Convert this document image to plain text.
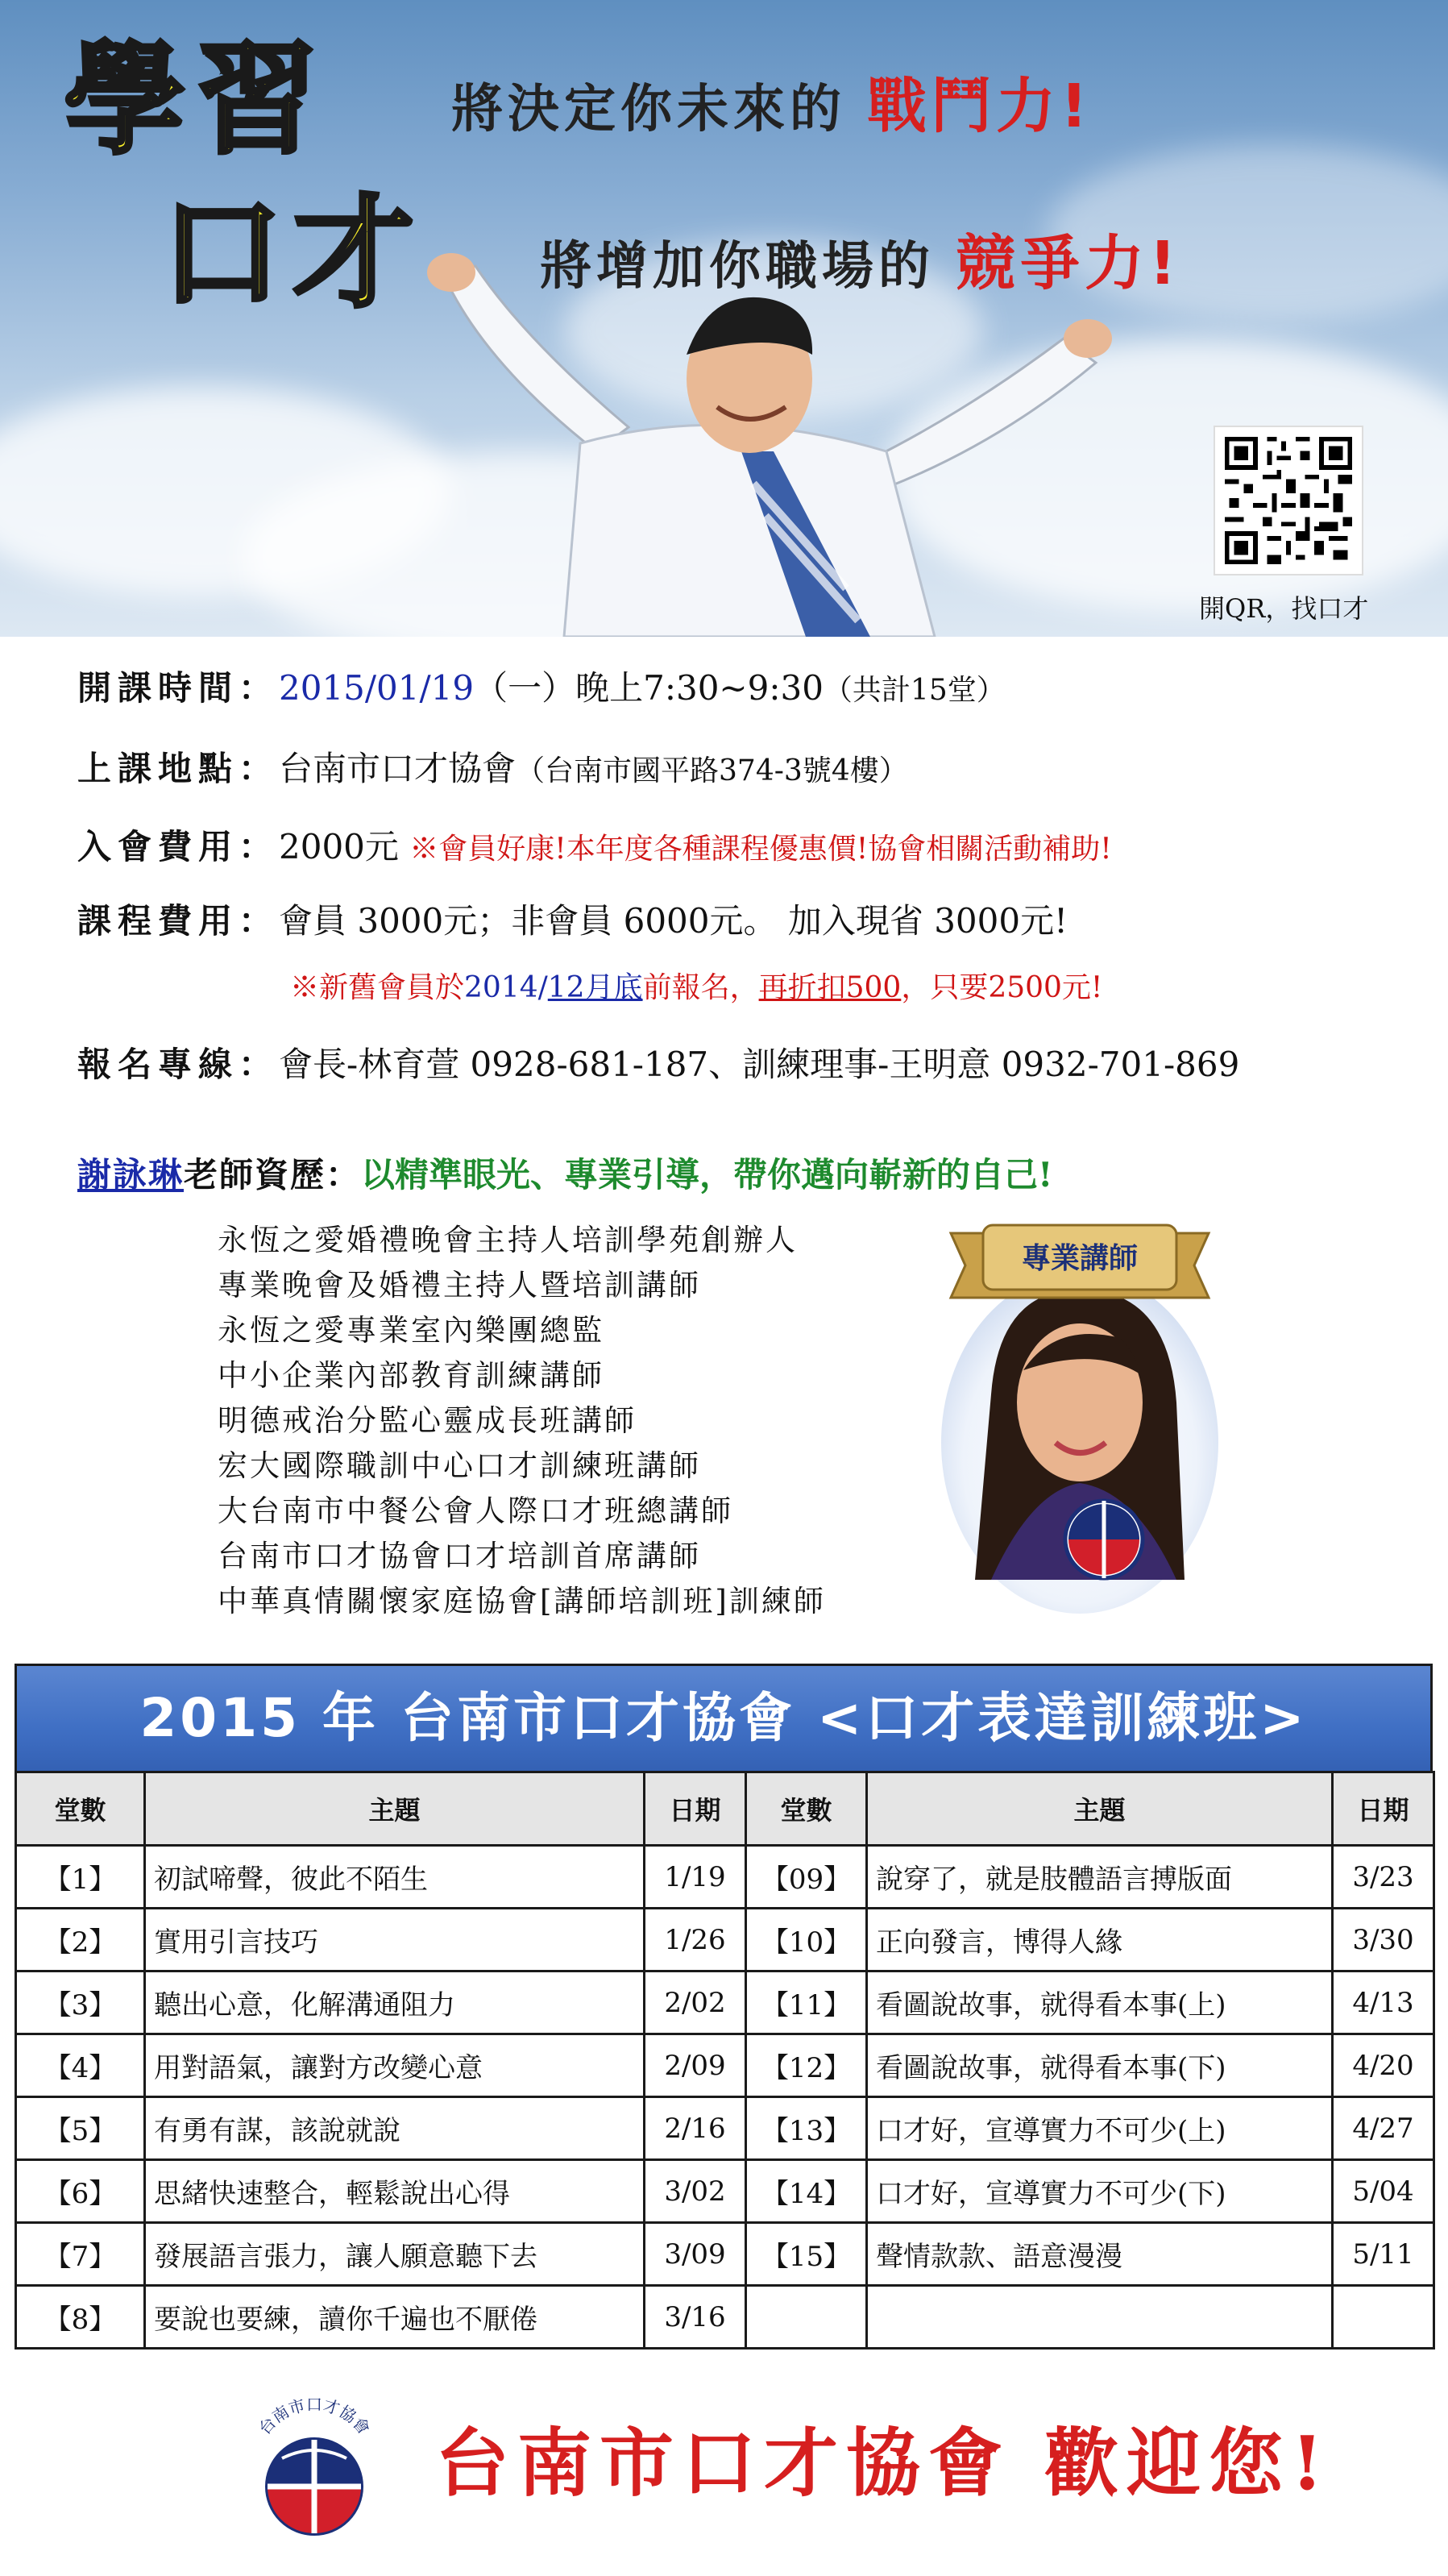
學習
口才
將決定你未來的 戰鬥力!
將增加你職場的 競爭力!
開QR，找口才
開課時間：2015/01/19（一）晚上7:30~9:30（共計15堂）
上課地點：台南市口才協會（台南市國平路374-3號4樓）
入會費用：2000元 ※會員好康!本年度各種課程優惠價!協會相關活動補助!
課程費用：會員 3000元；非會員 6000元。 加入現省 3000元!
※新舊會員於2014/12月底前報名，再折扣500，只要2500元!
報名專線：會長-林育萱 0928-681-187、訓練理事-王明意 0932-701-869
謝詠琳老師資歷：以精準眼光、專業引導，帶你邁向嶄新的自己!
永恆之愛婚禮晚會主持人培訓學苑創辦人
專業晚會及婚禮主持人暨培訓講師
永恆之愛專業室內樂團總監
中小企業內部教育訓練講師
明德戒治分監心靈成長班講師
宏大國際職訓中心口才訓練班講師
大台南市中餐公會人際口才班總講師
台南市口才協會口才培訓首席講師
中華真情關懷家庭協會[講師培訓班]訓練師
專業講師
2015 年 台南市口才協會 <口才表達訓練班>
堂數	主題	日期	堂數	主題	日期
【1】	初試啼聲，彼此不陌生	1/19	【09】	說穿了，就是肢體語言搏版面	3/23
【2】	實用引言技巧	1/26	【10】	正向發言，博得人緣	3/30
【3】	聽出心意，化解溝通阻力	2/02	【11】	看圖說故事，就得看本事(上)	4/13
【4】	用對語氣，讓對方改變心意	2/09	【12】	看圖說故事，就得看本事(下)	4/20
【5】	有勇有謀，該說就說	2/16	【13】	口才好，宣導實力不可少(上)	4/27
【6】	思緒快速整合，輕鬆說出心得	3/02	【14】	口才好，宣導實力不可少(下)	5/04
【7】	發展語言張力，讓人願意聽下去	3/09	【15】	聲情款款、語意漫漫	5/11
【8】	要說也要練，讀你千遍也不厭倦	3/16			
台南市口才協會 台南市口才協會 歡迎您!
